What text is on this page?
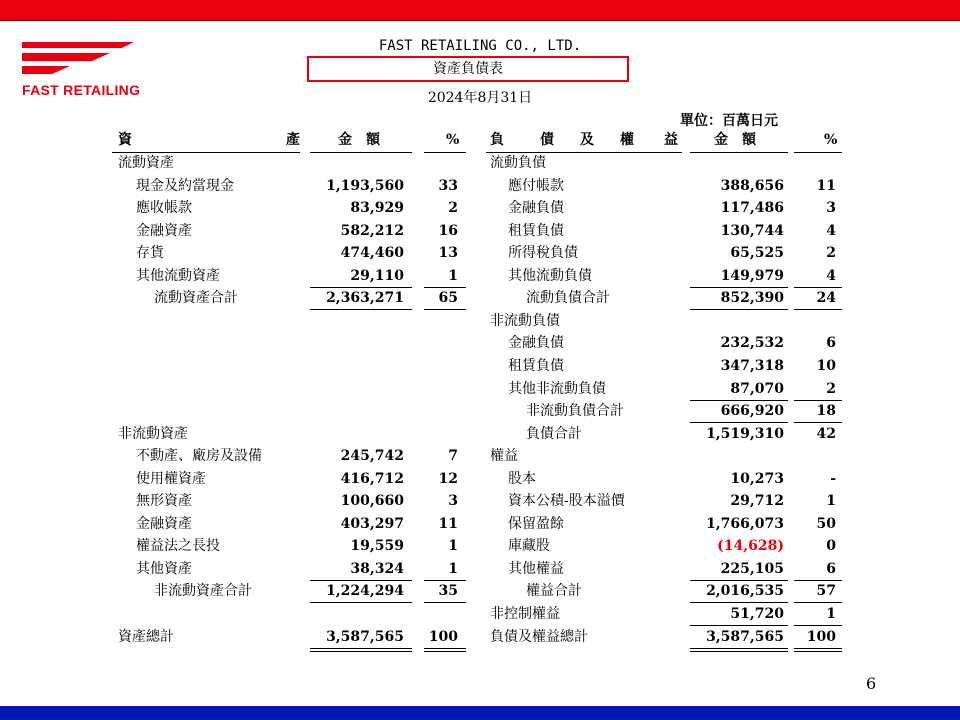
FAST RETAILING
FAST RETAILING CO., LTD.
資產負債表
2024年8月31日
單位：百萬日元
資	產	金　額	% 負	債 及 權 益	金　額	%
流動資產
現金及約當現金	1,193,560	33
應收帳款	83,929	2
金融資產	582,212	16
存貨	474,460	13
其他流動資產	29,110	1
流動資產合計	2,363,271	65
非流動資產
不動產、廠房及設備	245,742	7
使用權資產	416,712	12
無形資產	100,660	3
金融資產	403,297	11
權益法之長投	19,559	1
其他資產	38,324	1
非流動資產合計	1,224,294	35
資產總計	3,587,565	100
流動負債
應付帳款	388,656	11
金融負債	117,486	3
租賃負債	130,744	4
所得稅負債	65,525	2
其他流動負債	149,979	4
流動負債合計	852,390	24
非流動負債
金融負債	232,532	6
租賃負債	347,318	10
其他非流動負債	87,070	2
非流動負債合計	666,920	18
負債合計	1,519,310	42
權益
股本	10,273	-
資本公積-股本溢價	29,712	1
保留盈餘	1,766,073	50
庫藏股	(14,628)	0
其他權益	225,105	6
權益合計	2,016,535	57
非控制權益	51,720	1
負債及權益總計	3,587,565	100
6
